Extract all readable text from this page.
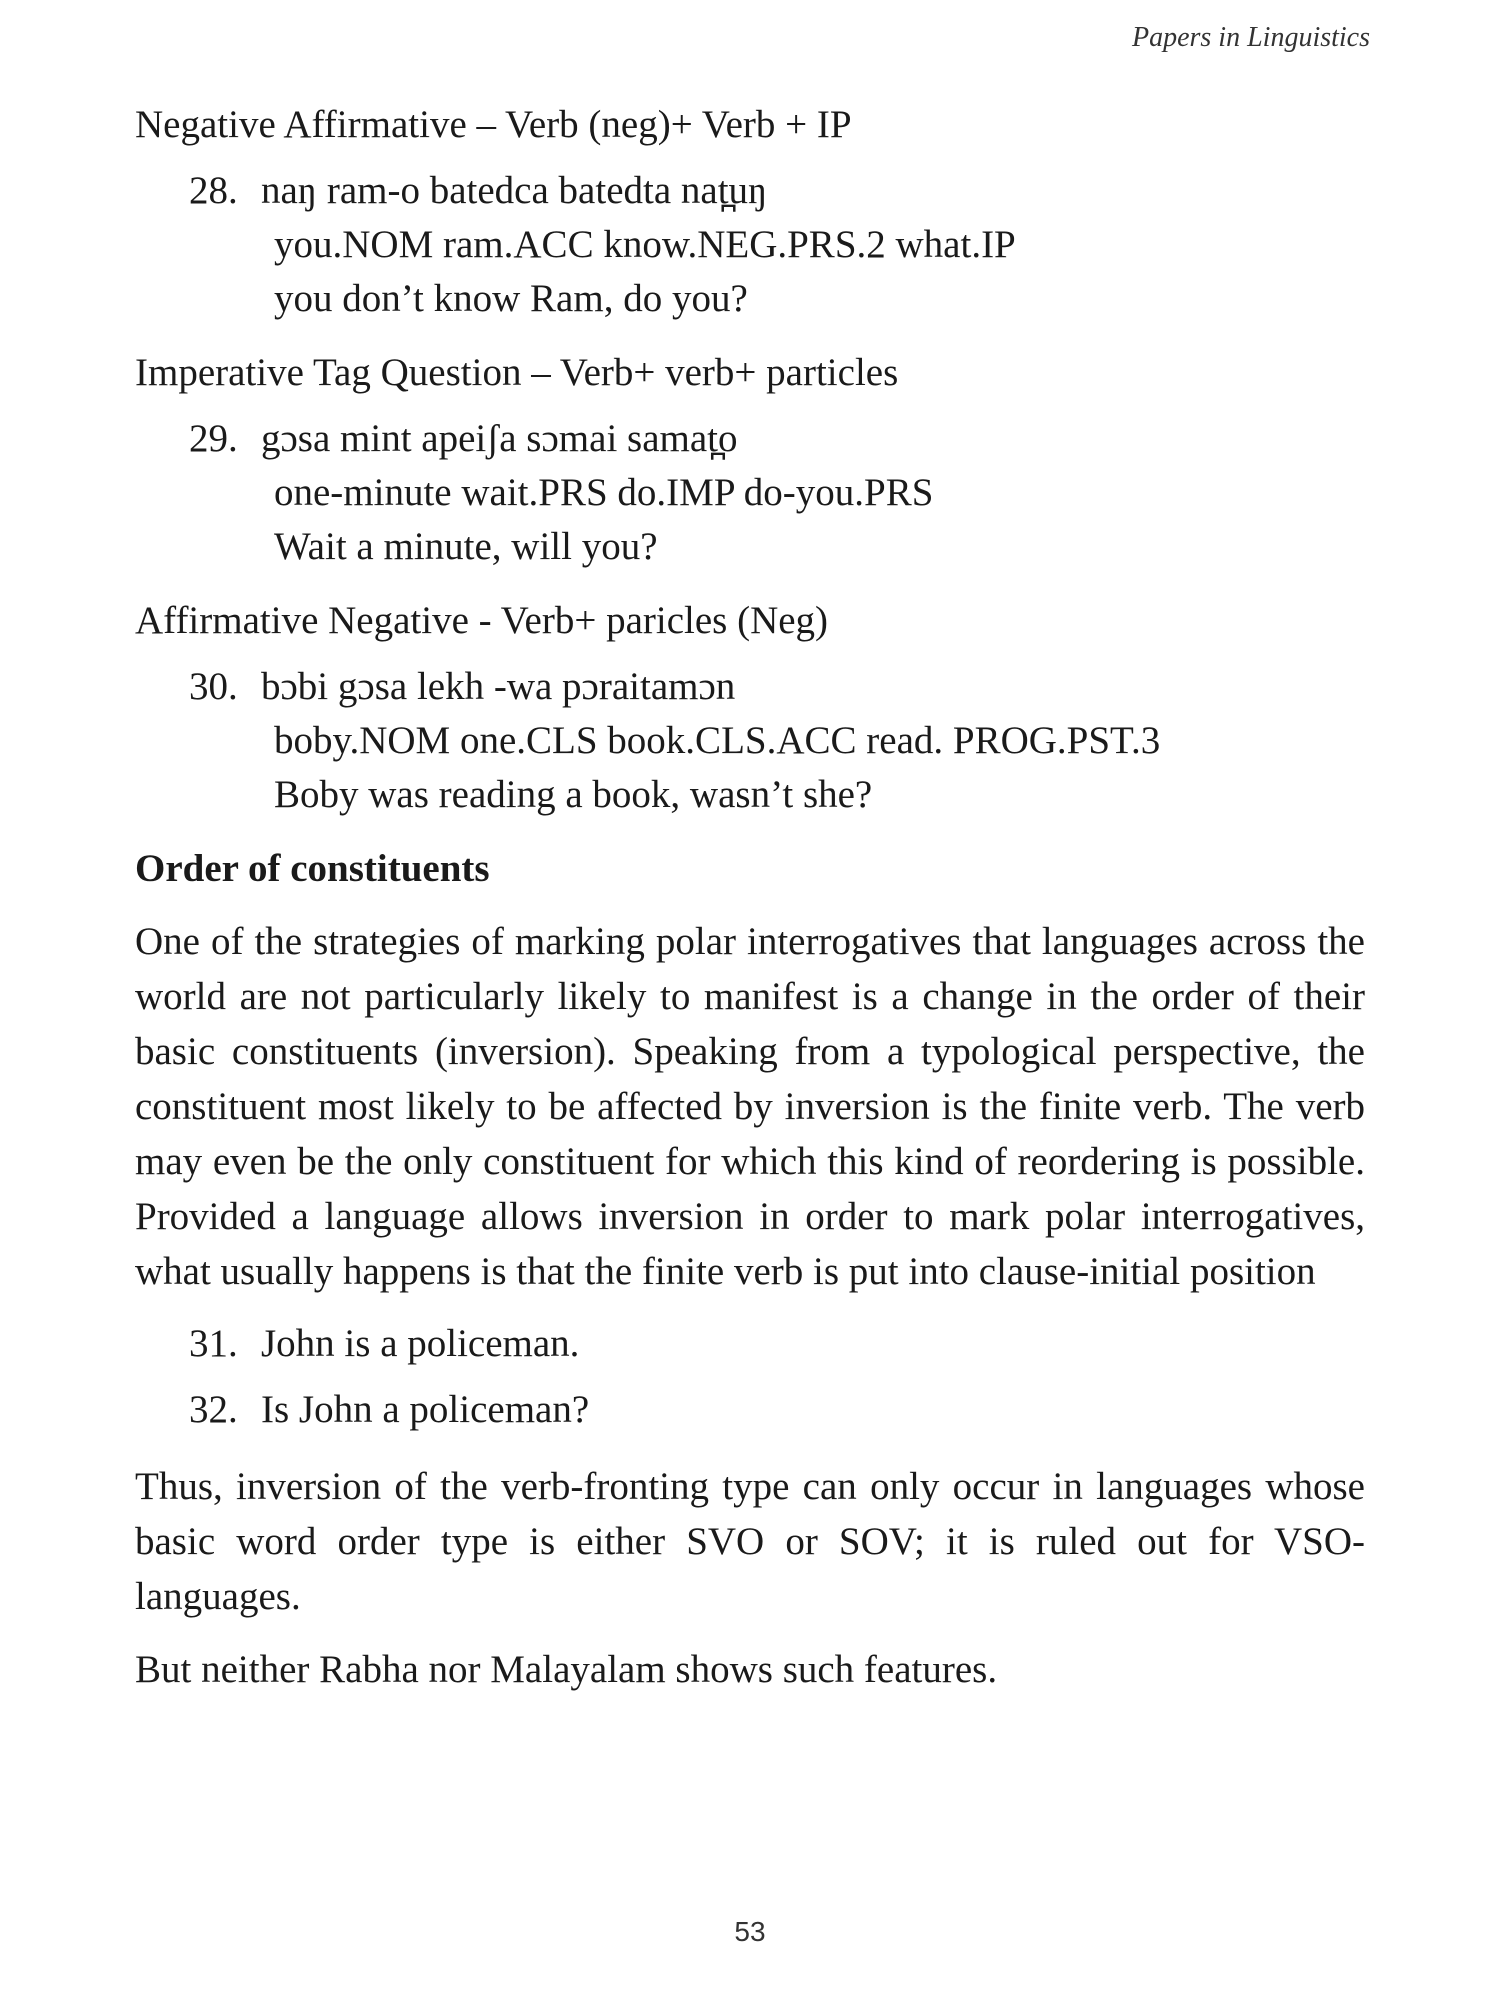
Papers in Linguistics

Negative Affirmative – Verb (neg)+ Verb + IP

28. naŋ ram-o batedca batedta nat̪uŋ
you.NOM ram.ACC know.NEG.PRS.2 what.IP
you don’t know Ram, do you?

Imperative Tag Question – Verb+ verb+ particles

29. gɔsa mint apeiʃa sɔmai samat̪o
one-minute wait.PRS do.IMP do-you.PRS
Wait a minute, will you?

Affirmative Negative - Verb+ paricles (Neg)

30. bɔbi gɔsa lekh -wa pɔraitamɔn
boby.NOM one.CLS book.CLS.ACC read. PROG.PST.3
Boby was reading a book, wasn’t she?
Order of constituents

One of the strategies of marking polar interrogatives that languages across the world are not particularly likely to manifest is a change in the order of their basic constituents (inversion). Speaking from a typological perspective, the constituent most likely to be affected by inversion is the finite verb. The verb may even be the only constituent for which this kind of reordering is possible. Provided a language allows inversion in order to mark polar interrogatives, what usually happens is that the finite verb is put into clause-initial position

31. John is a policeman.
32. Is John a policeman?

Thus, inversion of the verb-fronting type can only occur in languages whose basic word order type is either SVO or SOV; it is ruled out for VSO-languages.

But neither Rabha nor Malayalam shows such features.

53
